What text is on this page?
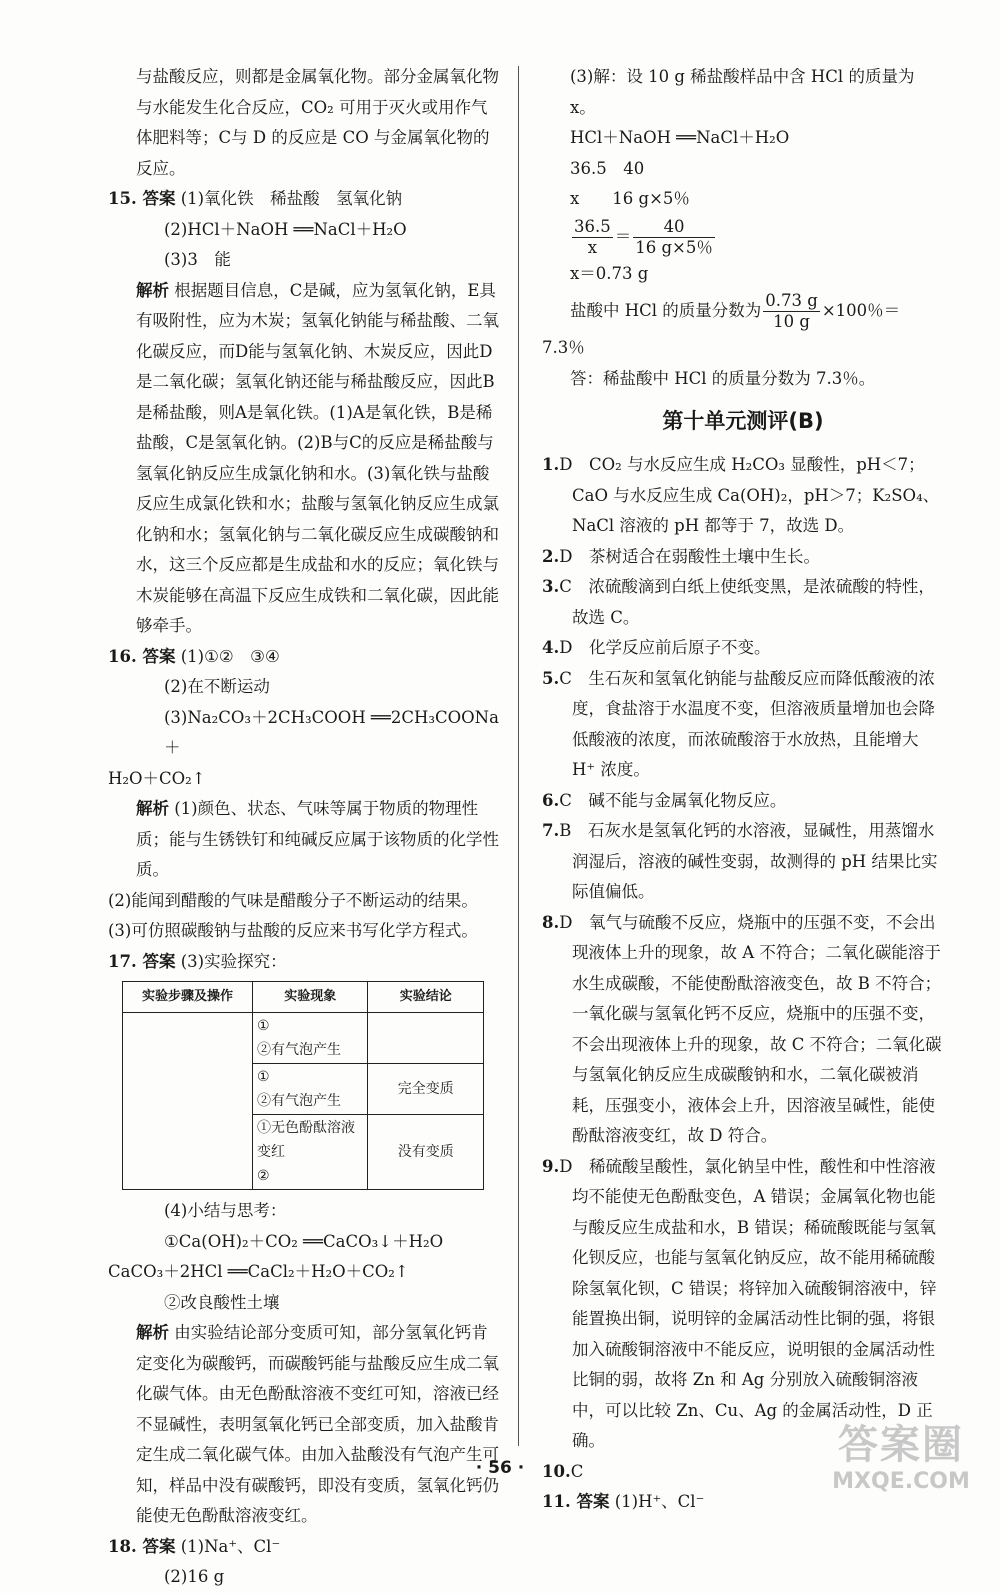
与盐酸反应，则都是金属氧化物。部分金属氧化物与水能发生化合反应，CO₂ 可用于灭火或用作气体肥料等；C与 D 的反应是 CO 与金属氧化物的反应。

15. 答案 (1)氧化铁　稀盐酸　氢氧化钠

(2)HCl＋NaOH ══NaCl＋H₂O

(3)3　能

解析 根据题目信息，C是碱，应为氢氧化钠，E具有吸附性，应为木炭；氢氧化钠能与稀盐酸、二氧化碳反应，而D能与氢氧化钠、木炭反应，因此D是二氧化碳；氢氧化钠还能与稀盐酸反应，因此B是稀盐酸，则A是氧化铁。(1)A是氧化铁，B是稀盐酸，C是氢氧化钠。(2)B与C的反应是稀盐酸与氢氧化钠反应生成氯化钠和水。(3)氧化铁与盐酸反应生成氯化铁和水；盐酸与氢氧化钠反应生成氯化钠和水；氢氧化钠与二氧化碳反应生成碳酸钠和水，这三个反应都是生成盐和水的反应；氧化铁与木炭能够在高温下反应生成铁和二氧化碳，因此能够牵手。

16. 答案 (1)①②　③④

(2)在不断运动

(3)Na₂CO₃＋2CH₃COOH ══2CH₃COONa＋

H₂O＋CO₂↑

解析 (1)颜色、状态、气味等属于物质的物理性质；能与生锈铁钉和纯碱反应属于该物质的化学性质。

(2)能闻到醋酸的气味是醋酸分子不断运动的结果。

(3)可仿照碳酸钠与盐酸的反应来书写化学方程式。

17. 答案 (3)实验探究：

实验步骤及操作	实验现象	实验结论

	①
②有气泡产生	

	①
②有气泡产生	完全变质

	①无色酚酞溶液
变红
②	没有变质

(4)小结与思考：

①Ca(OH)₂＋CO₂ ══CaCO₃↓＋H₂O

CaCO₃＋2HCl ══CaCl₂＋H₂O＋CO₂↑

②改良酸性土壤

解析 由实验结论部分变质可知，部分氢氧化钙肯定变化为碳酸钙，而碳酸钙能与盐酸反应生成二氧化碳气体。由无色酚酞溶液不变红可知，溶液已经不显碱性，表明氢氧化钙已全部变质，加入盐酸肯定生成二氧化碳气体。由加入盐酸没有气泡产生可知，样品中没有碳酸钙，即没有变质，氢氧化钙仍能使无色酚酞溶液变红。

18. 答案 (1)Na⁺、Cl⁻

(2)16 g

(3)解：设 10 g 稀盐酸样品中含 HCl 的质量为 x。

HCl＋NaOH ══NaCl＋H₂O

36.5　40

x　　16 g×5％

$\frac{36.5}{x} = \frac{40}{16 g\times 5\%}$

x＝0.73 g

盐酸中 HCl 的质量分数为 $\frac{0.73 g}{10 g} \times 100$％＝

7.3％

答：稀盐酸中 HCl 的质量分数为 7.3％。

第十单元测评(B)

1.D　CO₂ 与水反应生成 H₂CO₃ 显酸性，pH＜7；CaO 与水反应生成 Ca(OH)₂，pH＞7；K₂SO₄、NaCl 溶液的 pH 都等于 7，故选 D。

2.D　茶树适合在弱酸性土壤中生长。

3.C　浓硫酸滴到白纸上使纸变黑，是浓硫酸的特性，故选 C。

4.D　化学反应前后原子不变。

5.C　生石灰和氢氧化钠能与盐酸反应而降低酸液的浓度，食盐溶于水温度不变，但溶液质量增加也会降低酸液的浓度，而浓硫酸溶于水放热，且能增大 H⁺ 浓度。

6.C　碱不能与金属氧化物反应。

7.B　石灰水是氢氧化钙的水溶液，显碱性，用蒸馏水润湿后，溶液的碱性变弱，故测得的 pH 结果比实际值偏低。

8.D　氧气与硫酸不反应，烧瓶中的压强不变，不会出现液体上升的现象，故 A 不符合；二氧化碳能溶于水生成碳酸，不能使酚酞溶液变色，故 B 不符合；一氧化碳与氢氧化钙不反应，烧瓶中的压强不变，不会出现液体上升的现象，故 C 不符合；二氧化碳与氢氧化钠反应生成碳酸钠和水，二氧化碳被消耗，压强变小，液体会上升，因溶液呈碱性，能使酚酞溶液变红，故 D 符合。

9.D　稀硫酸呈酸性，氯化钠呈中性，酸性和中性溶液均不能使无色酚酞变色，A 错误；金属氧化物也能与酸反应生成盐和水，B 错误；稀硫酸既能与氢氧化钡反应，也能与氢氧化钠反应，故不能用稀硫酸除氢氧化钡，C 错误；将锌加入硫酸铜溶液中，锌能置换出铜，说明锌的金属活动性比铜的强，将银加入硫酸铜溶液中不能反应，说明银的金属活动性比铜的弱，故将 Zn 和 Ag 分别放入硫酸铜溶液中，可以比较 Zn、Cu、Ag 的金属活动性，D 正确。

10.C

11. 答案 (1)H⁺、Cl⁻

· 56 ·	答案圈
MXQE.COM
